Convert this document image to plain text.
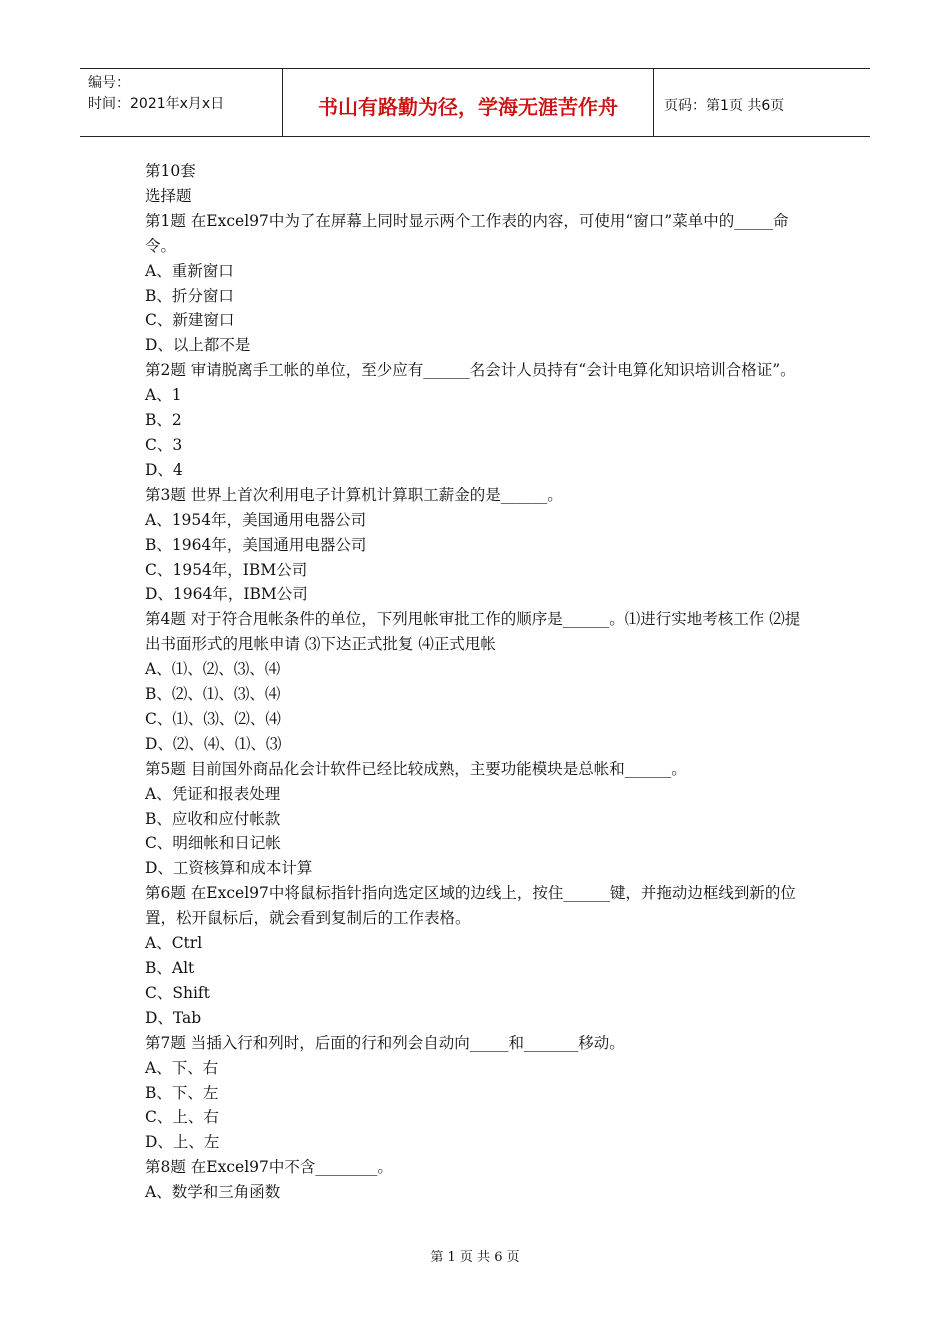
编号：
时间：2021年x月x日	书山有路勤为径，学海无涯苦作舟	页码：第1页 共6页
第10套
选择题
第1题 在Excel97中为了在屏幕上同时显示两个工作表的内容，可使用“窗口”菜单中的_____命令。
A、重新窗口
B、折分窗口
C、新建窗口
D、以上都不是
第2题 审请脱离手工帐的单位，至少应有______名会计人员持有“会计电算化知识培训合格证”。
A、1
B、2
C、3
D、4
第3题 世界上首次利用电子计算机计算职工薪金的是______。
A、1954年，美国通用电器公司
B、1964年，美国通用电器公司
C、1954年，IBM公司
D、1964年，IBM公司
第4题 对于符合甩帐条件的单位，下列甩帐审批工作的顺序是______。⑴进行实地考核工作 ⑵提出书面形式的甩帐申请 ⑶下达正式批复 ⑷正式甩帐
A、⑴、⑵、⑶、⑷
B、⑵、⑴、⑶、⑷
C、⑴、⑶、⑵、⑷
D、⑵、⑷、⑴、⑶
第5题 目前国外商品化会计软件已经比较成熟，主要功能模块是总帐和______。
A、凭证和报表处理
B、应收和应付帐款
C、明细帐和日记帐
D、工资核算和成本计算
第6题 在Excel97中将鼠标指针指向选定区域的边线上，按住______键，并拖动边框线到新的位置，松开鼠标后，就会看到复制后的工作表格。
A、Ctrl
B、Alt
C、Shift
D、Tab
第7题 当插入行和列时，后面的行和列会自动向_____和_______移动。
A、下、右
B、下、左
C、上、右
D、上、左
第8题 在Excel97中不含________。
A、数学和三角函数
第 1 页 共 6 页
